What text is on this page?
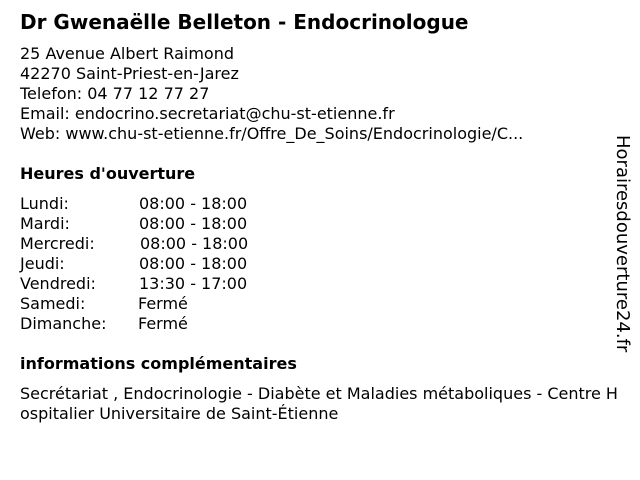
Dr Gwenaëlle Belleton - Endocrinologue
25 Avenue Albert Raimond
42270 Saint-Priest-en-Jarez
Telefon: 04 77 12 77 27
Email: endocrino.secretariat@chu-st-etienne.fr
Web: www.chu-st-etienne.fr/Offre_De_Soins/Endocrinologie/C...
Heures d'ouverture
Lundi:	08:00 - 18:00
Mardi:	08:00 - 18:00
Mercredi:	08:00 - 18:00
Jeudi:	08:00 - 18:00
Vendredi:	13:30 - 17:00
Samedi:	Fermé
Dimanche: Fermé
informations complémentaires
Secrétariat , Endocrinologie - Diabète et Maladies métaboliques - Centre Hospitalier Universitaire de Saint-Étienne
Horairesdouverture24.fr
